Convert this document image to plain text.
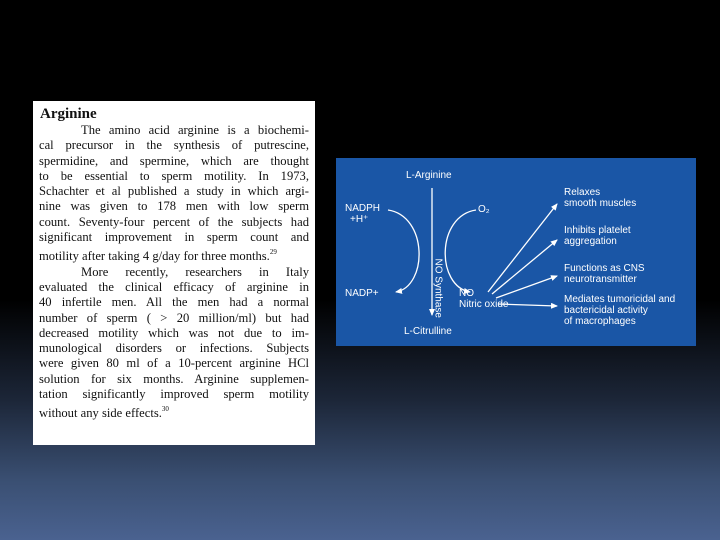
Arginine
The amino acid arginine is a biochemi-
cal precursor in the synthesis of putrescine,
spermidine, and spermine, which are thought
to be essential to sperm motility. In 1973,
Schachter et al published a study in which argi-
nine was given to 178 men with low sperm
count. Seventy-four percent of the subjects had
significant improvement in sperm count and
motility after taking 4 g/day for three months.$^{29}$
More recently, researchers in Italy
evaluated the clinical efficacy of arginine in
40 infertile men. All the men had a normal
number of sperm ( > 20 million/ml) but had
decreased motility which was not due to im-
munological disorders or infections. Subjects
were given 80 ml of a 10-percent arginine HCl
solution for six months. Arginine supplemen-
tation significantly improved sperm motility
without any side effects.$^{30}$
L-Arginine
NADPH
+H⁺
O₂
NO Synthase
NADP+	NO
Nitric oxide
L-Citrulline
Relaxes
smooth muscles
Inhibits platelet
aggregation
Functions as CNS
neurotransmitter
Mediates tumoricidal and
bactericidal activity
of macrophages
